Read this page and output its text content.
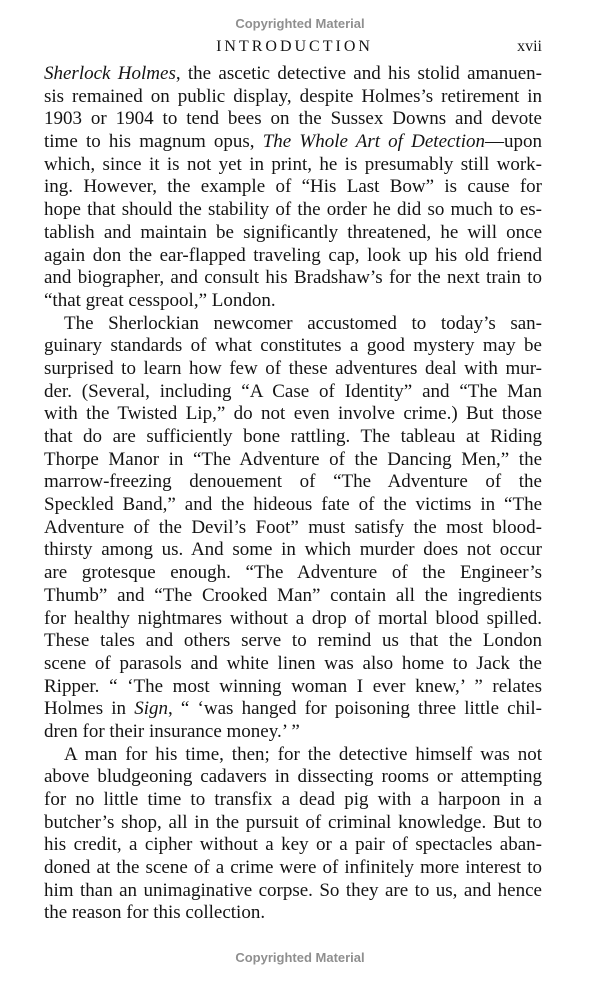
Copyrighted Material
INTRODUCTION	xvii
Sherlock Holmes, the ascetic detective and his stolid amanuen-
sis remained on public display, despite Holmes’s retirement in
1903 or 1904 to tend bees on the Sussex Downs and devote
time to his magnum opus, The Whole Art of Detection—upon
which, since it is not yet in print, he is presumably still work-
ing. However, the example of “His Last Bow” is cause for
hope that should the stability of the order he did so much to es-
tablish and maintain be significantly threatened, he will once
again don the ear-flapped traveling cap, look up his old friend
and biographer, and consult his Bradshaw’s for the next train to
“that great cesspool,” London.
The Sherlockian newcomer accustomed to today’s san-
guinary standards of what constitutes a good mystery may be
surprised to learn how few of these adventures deal with mur-
der. (Several, including “A Case of Identity” and “The Man
with the Twisted Lip,” do not even involve crime.) But those
that do are sufficiently bone rattling. The tableau at Riding
Thorpe Manor in “The Adventure of the Dancing Men,” the
marrow-freezing denouement of “The Adventure of the
Speckled Band,” and the hideous fate of the victims in “The
Adventure of the Devil’s Foot” must satisfy the most blood-
thirsty among us. And some in which murder does not occur
are grotesque enough. “The Adventure of the Engineer’s
Thumb” and “The Crooked Man” contain all the ingredients
for healthy nightmares without a drop of mortal blood spilled.
These tales and others serve to remind us that the London
scene of parasols and white linen was also home to Jack the
Ripper. “ ‘The most winning woman I ever knew,’ ” relates
Holmes in Sign, “ ‘was hanged for poisoning three little chil-
dren for their insurance money.’ ”
A man for his time, then; for the detective himself was not
above bludgeoning cadavers in dissecting rooms or attempting
for no little time to transfix a dead pig with a harpoon in a
butcher’s shop, all in the pursuit of criminal knowledge. But to
his credit, a cipher without a key or a pair of spectacles aban-
doned at the scene of a crime were of infinitely more interest to
him than an unimaginative corpse. So they are to us, and hence
the reason for this collection.
Copyrighted Material
